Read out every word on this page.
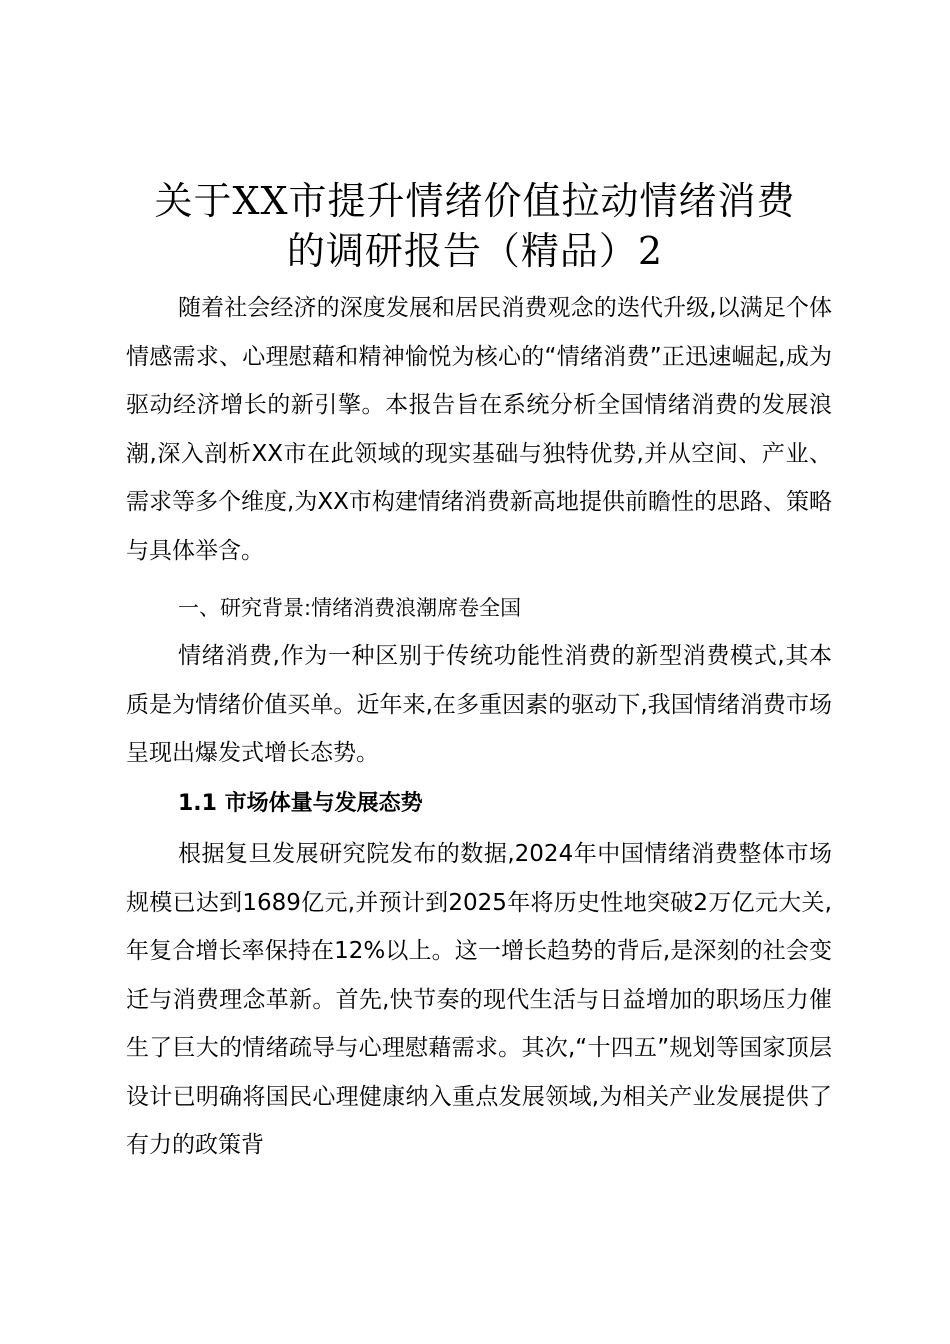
关于XX市提升情绪价值拉动情绪消费
的调研报告（精品）2

随着社会经济的深度发展和居民消费观念的迭代升级,以满足个体情感需求、心理慰藉和精神愉悦为核心的“情绪消费”正迅速崛起,成为驱动经济增长的新引擎。本报告旨在系统分析全国情绪消费的发展浪潮,深入剖析XX市在此领域的现实基础与独特优势,并从空间、产业、需求等多个维度,为XX市构建情绪消费新高地提供前瞻性的思路、策略与具体举含。

一、研究背景:情绪消费浪潮席卷全国

情绪消费,作为一种区别于传统功能性消费的新型消费模式,其本质是为情绪价值买单。近年来,在多重因素的驱动下,我国情绪消费市场呈现出爆发式增长态势。

1.1 市场体量与发展态势

根据复旦发展研究院发布的数据,2024年中国情绪消费整体市场规模已达到1689亿元,并预计到2025年将历史性地突破2万亿元大关,年复合增长率保持在12%以上。这一增长趋势的背后,是深刻的社会变迁与消费理念革新。首先,快节奏的现代生活与日益增加的职场压力催生了巨大的情绪疏导与心理慰藉需求。其次,“十四五”规划等国家顶层设计已明确将国民心理健康纳入重点发展领域,为相关产业发展提供了有力的政策背
